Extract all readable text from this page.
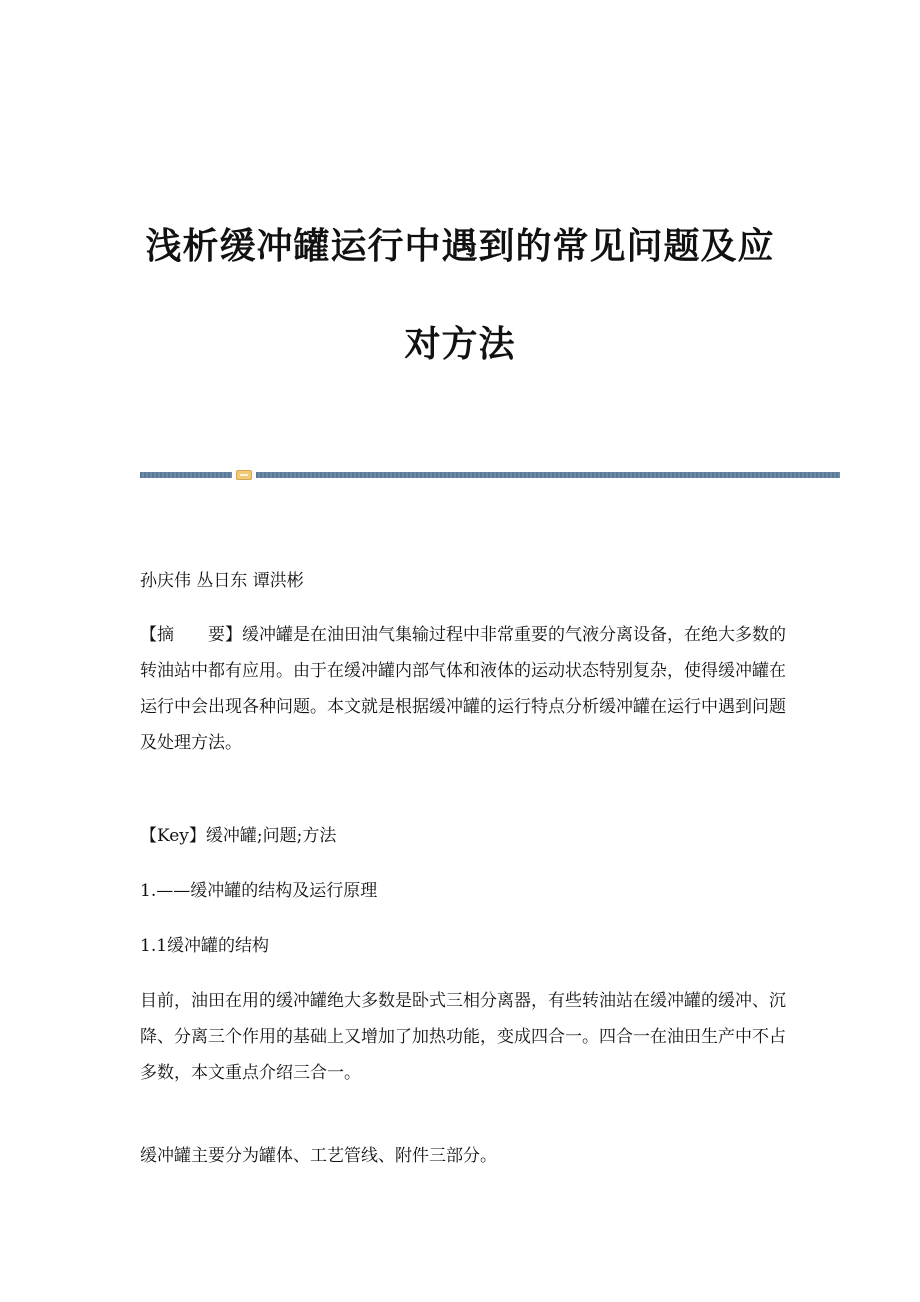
浅析缓冲罐运行中遇到的常见问题及应
对方法

孙庆伟 丛日东 谭洪彬

【摘　　要】缓冲罐是在油田油气集输过程中非常重要的气液分离设备，在绝大多数的转油站中都有应用。由于在缓冲罐内部气体和液体的运动状态特别复杂，使得缓冲罐在运行中会出现各种问题。本文就是根据缓冲罐的运行特点分析缓冲罐在运行中遇到问题及处理方法。

【Key】缓冲罐;问题;方法

1.——缓冲罐的结构及运行原理

1.1缓冲罐的结构

目前，油田在用的缓冲罐绝大多数是卧式三相分离器，有些转油站在缓冲罐的缓冲、沉降、分离三个作用的基础上又增加了加热功能，变成四合一。四合一在油田生产中不占多数，本文重点介绍三合一。

缓冲罐主要分为罐体、工艺管线、附件三部分。
